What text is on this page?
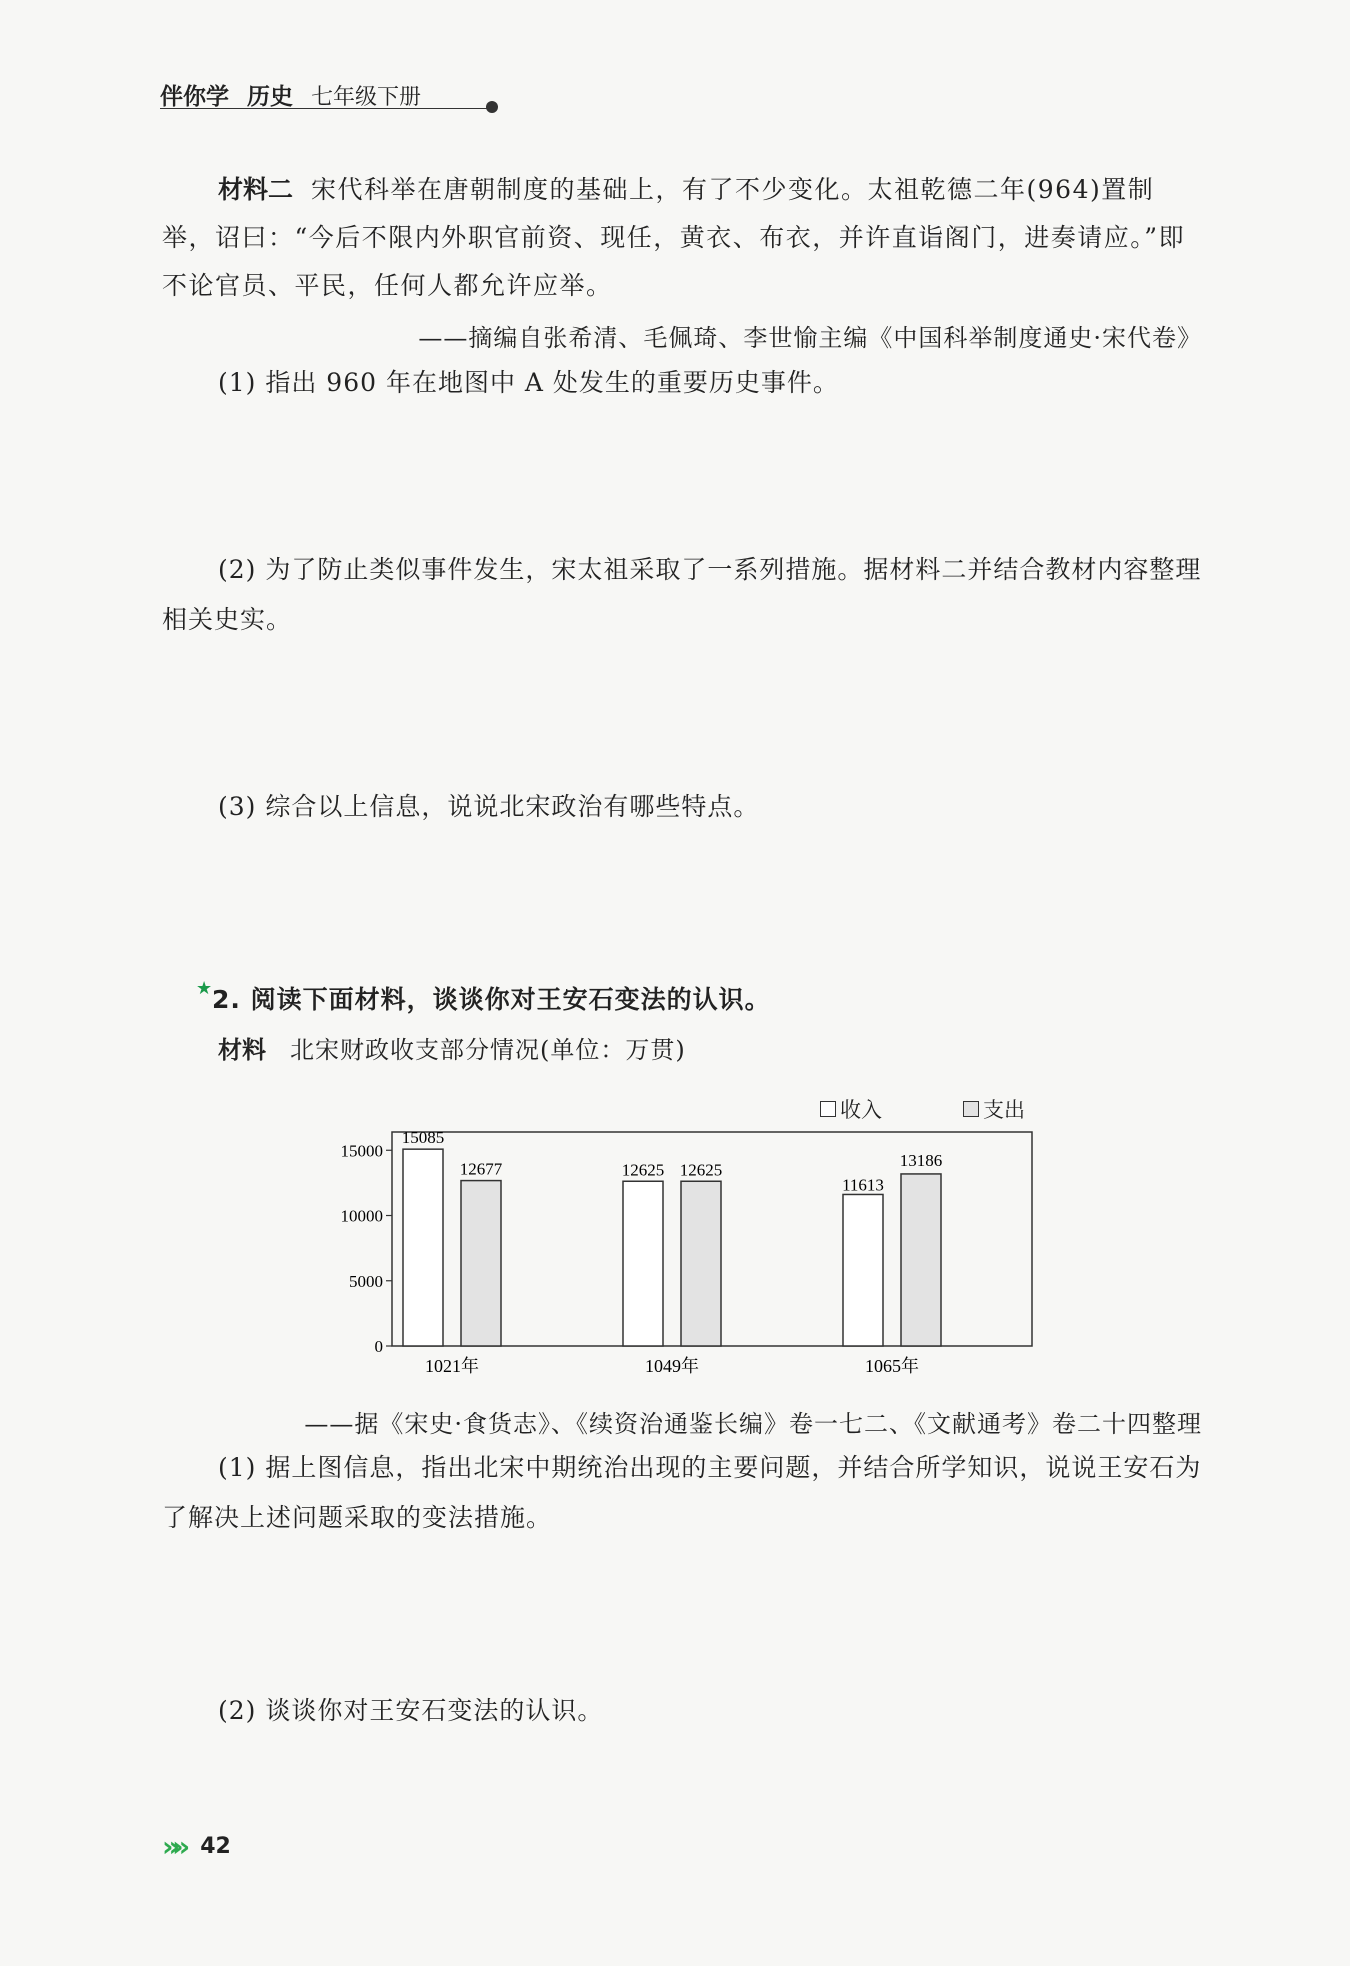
伴你学 历史 七年级下册
材料二 宋代科举在唐朝制度的基础上，有了不少变化。太祖乾德二年(964)置制举，诏曰：“今后不限内外职官前资、现任，黄衣、布衣，并许直诣阁门，进奏请应。”即不论官员、平民，任何人都允许应举。
——摘编自张希清、毛佩琦、李世愉主编《中国科举制度通史·宋代卷》
(1) 指出 960 年在地图中 A 处发生的重要历史事件。
(2) 为了防止类似事件发生，宋太祖采取了一系列措施。据材料二并结合教材内容整理相关史实。
(3) 综合以上信息，说说北宋政治有哪些特点。
★ 2. 阅读下面材料，谈谈你对王安石变法的认识。
材料 北宋财政收支部分情况(单位：万贯)
收入	支出
0
5000
10000
15000
15085
12677
1021年
12625 12625
1049年
11613
13186
1065年
——据《宋史·食货志》、《续资治通鉴长编》卷一七二、《文献通考》卷二十四整理
(1) 据上图信息，指出北宋中期统治出现的主要问题，并结合所学知识，说说王安石为了解决上述问题采取的变法措施。
(2) 谈谈你对王安石变法的认识。
»» 42
